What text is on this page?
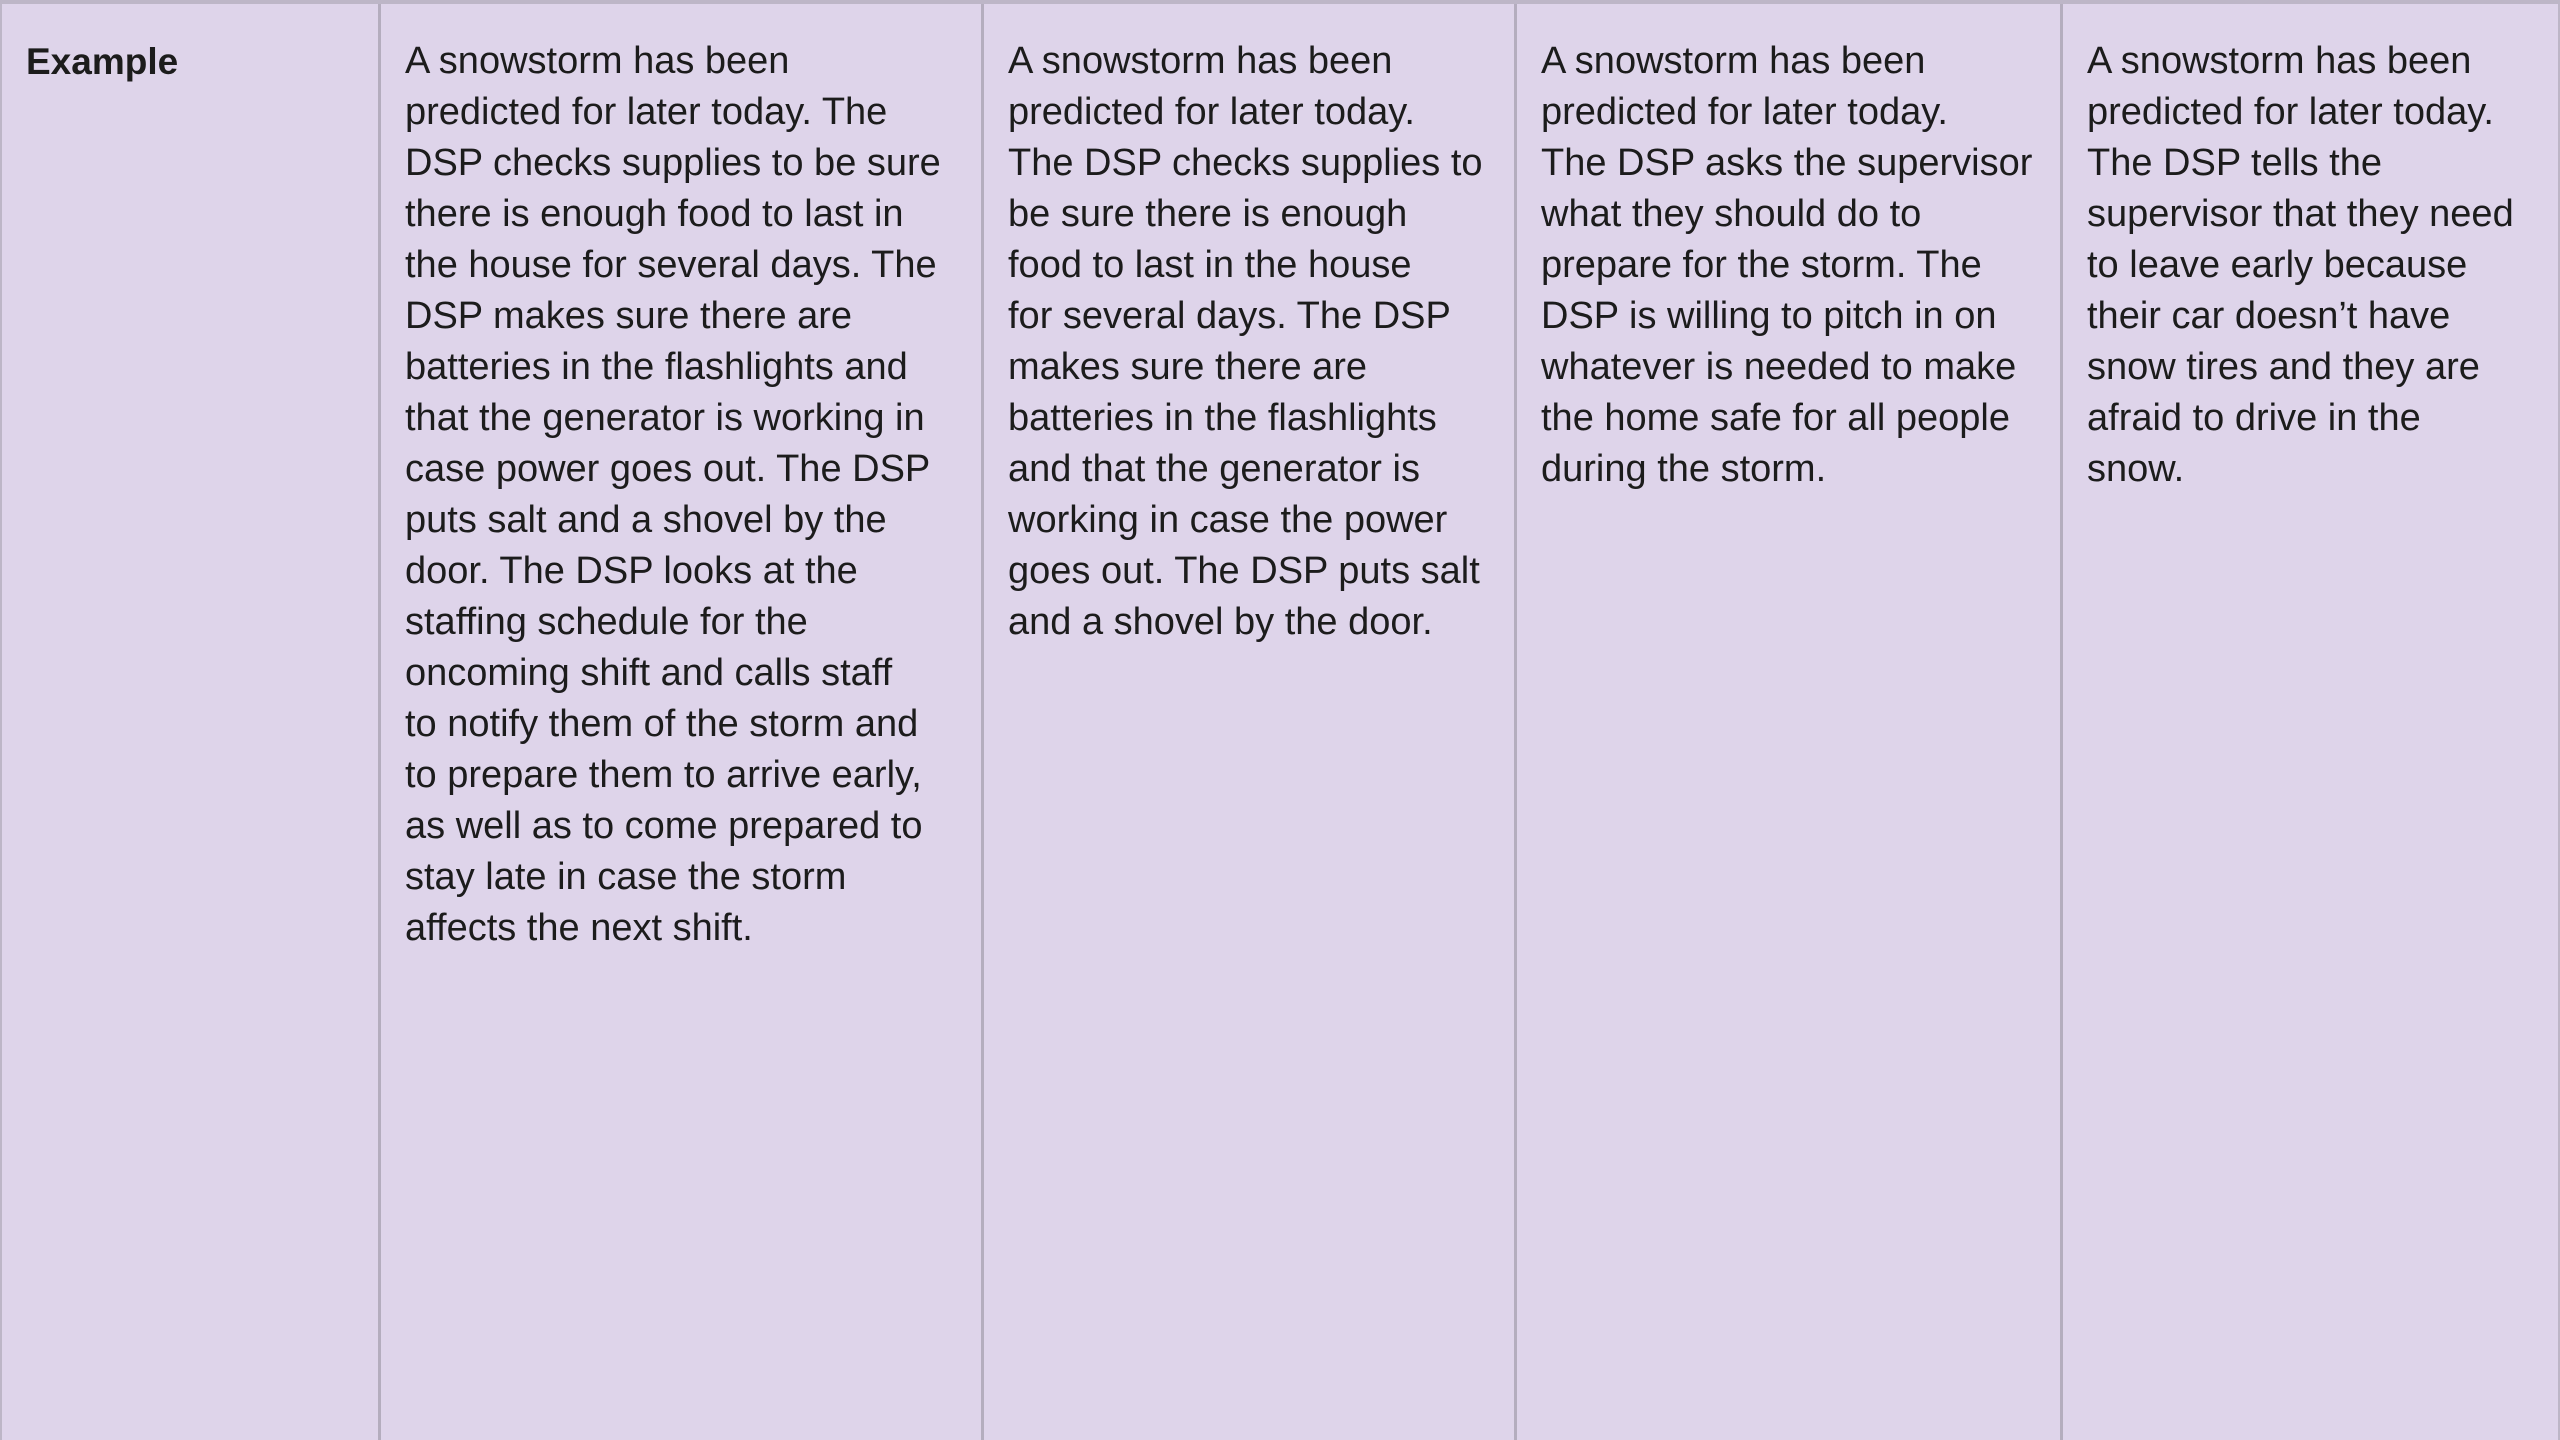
Example	A snowstorm has been
predicted for later today. The
DSP checks supplies to be sure
there is enough food to last in
the house for several days. The
DSP makes sure there are
batteries in the flashlights and
that the generator is working in
case power goes out. The DSP
puts salt and a shovel by the
door. The DSP looks at the
staffing schedule for the
oncoming shift and calls staff
to notify them of the storm and
to prepare them to arrive early,
as well as to come prepared to
stay late in case the storm
affects the next shift.
A snowstorm has been
predicted for later today.
The DSP checks supplies to
be sure there is enough
food to last in the house
for several days. The DSP
makes sure there are
batteries in the flashlights
and that the generator is
working in case the power
goes out. The DSP puts salt
and a shovel by the door.
A snowstorm has been
predicted for later today.
The DSP asks the supervisor
what they should do to
prepare for the storm. The
DSP is willing to pitch in on
whatever is needed to make
the home safe for all people
during the storm.
A snowstorm has been
predicted for later today.
The DSP tells the
supervisor that they need
to leave early because
their car doesn’t have
snow tires and they are
afraid to drive in the
snow.
